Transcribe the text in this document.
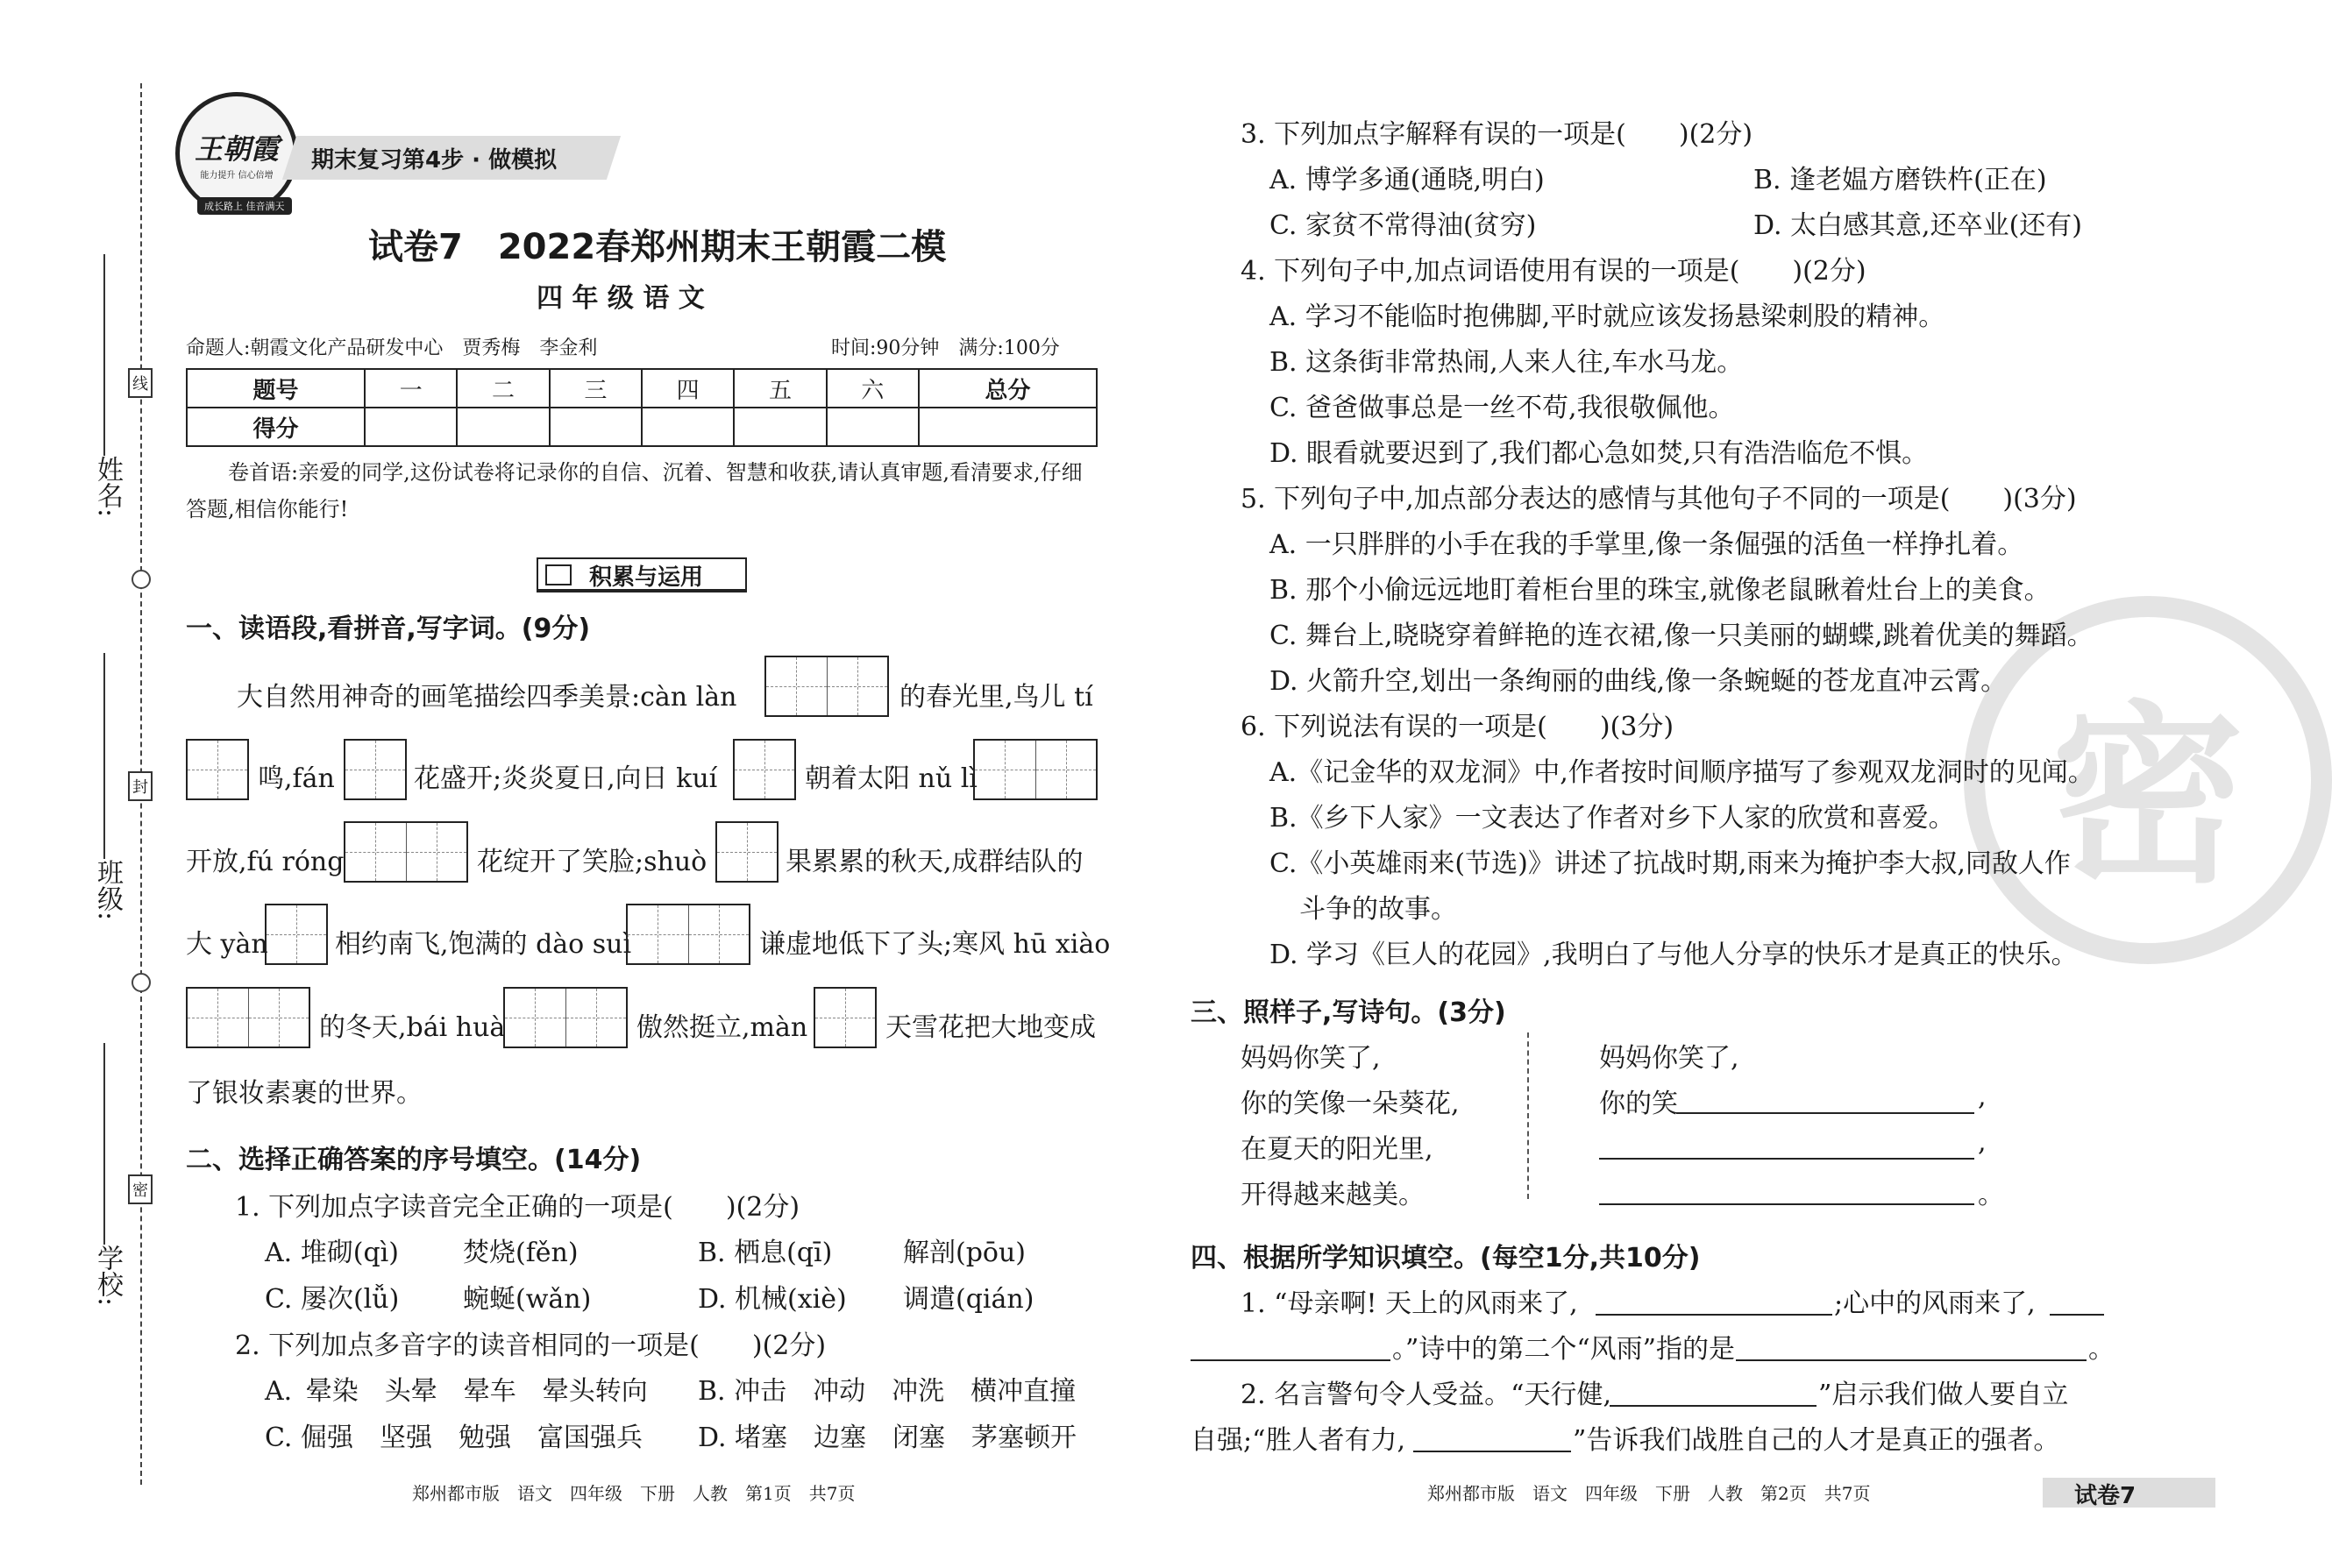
姓名:
班级:
学校:
线
封
密
王朝霞
能力提升 信心倍增
成长路上 佳音满天
期末复习第4步 · 做模拟
试卷7　2022春郑州期末王朝霞二模
四 年 级 语 文
命题人:朝霞文化产品研发中心　贾秀梅　李金利	时间:90分钟　满分:100分
题号	一	二	三	四	五	六	总分
得分							
卷首语:亲爱的同学,这份试卷将记录你的自信、沉着、智慧和收获,请认真审题,看清要求,仔细答题,相信你能行!
积累与运用
一、读语段,看拼音,写字词。(9分)
大自然用神奇的画笔描绘四季美景:càn làn	的春光里,鸟儿 tí
鸣,fán	花盛开;炎炎夏日,向日 kuí	朝着太阳 nǔ lì
开放,fú róng	花绽开了笑脸;shuò	果累累的秋天,成群结队的
大 yàn	相约南飞,饱满的 dào suì	谦虚地低下了头;寒风 hū xiào
的冬天,bái huà	傲然挺立,màn	天雪花把大地变成
了银妆素裹的世界。
二、选择正确答案的序号填空。(14分)
1. 下列加点字读音完全正确的一项是(　　)(2分)
A. 堆砌(qì) 焚烧(fěn)	B. 栖息(qī)	解剖(pōu)
C. 屡次(lǚ) 蜿蜒(wǎn)	D. 机械(xiè) 调遣(qián)
2. 下列加点多音字的读音相同的一项是(　　)(2分)
A. 晕染　头晕　晕车　晕头转向 B. 冲击　冲动　冲洗　横冲直撞
C. 倔强　坚强　勉强　富国强兵 D. 堵塞　边塞　闭塞　茅塞顿开
郑州都市版　语文　四年级　下册　人教　第1页　共7页
密
3. 下列加点字解释有误的一项是(　　)(2分)
A. 博学多通(通晓,明白)	B. 逢老媪方磨铁杵(正在)
C. 家贫不常得油(贫穷)	D. 太白感其意,还卒业(还有)
4. 下列句子中,加点词语使用有误的一项是(　　)(2分)
A. 学习不能临时抱佛脚,平时就应该发扬悬梁刺股的精神。
B. 这条街非常热闹,人来人往,车水马龙。
C. 爸爸做事总是一丝不苟,我很敬佩他。
D. 眼看就要迟到了,我们都心急如焚,只有浩浩临危不惧。
5. 下列句子中,加点部分表达的感情与其他句子不同的一项是(　　)(3分)
A. 一只胖胖的小手在我的手掌里,像一条倔强的活鱼一样挣扎着。
B. 那个小偷远远地盯着柜台里的珠宝,就像老鼠瞅着灶台上的美食。
C. 舞台上,晓晓穿着鲜艳的连衣裙,像一只美丽的蝴蝶,跳着优美的舞蹈。
D. 火箭升空,划出一条绚丽的曲线,像一条蜿蜒的苍龙直冲云霄。
6. 下列说法有误的一项是(　　)(3分)
A.《记金华的双龙洞》中,作者按时间顺序描写了参观双龙洞时的见闻。
B.《乡下人家》一文表达了作者对乡下人家的欣赏和喜爱。
C.《小英雄雨来(节选)》讲述了抗战时期,雨来为掩护李大叔,同敌人作
斗争的故事。
D. 学习《巨人的花园》,我明白了与他人分享的快乐才是真正的快乐。
三、照样子,写诗句。(3分)
妈妈你笑了,
你的笑像一朵葵花,
在夏天的阳光里,
开得越来越美。
妈妈你笑了,
你的笑	,
,
。
四、根据所学知识填空。(每空1分,共10分)
1. “母亲啊! 天上的风雨来了,	;心中的风雨来了,
。”诗中的第二个“风雨”指的是	。
2. 名言警句令人受益。“天行健,	”启示我们做人要自立
自强;“胜人者有力,	”告诉我们战胜自己的人才是真正的强者。
郑州都市版　语文　四年级　下册　人教　第2页　共7页	试卷7
